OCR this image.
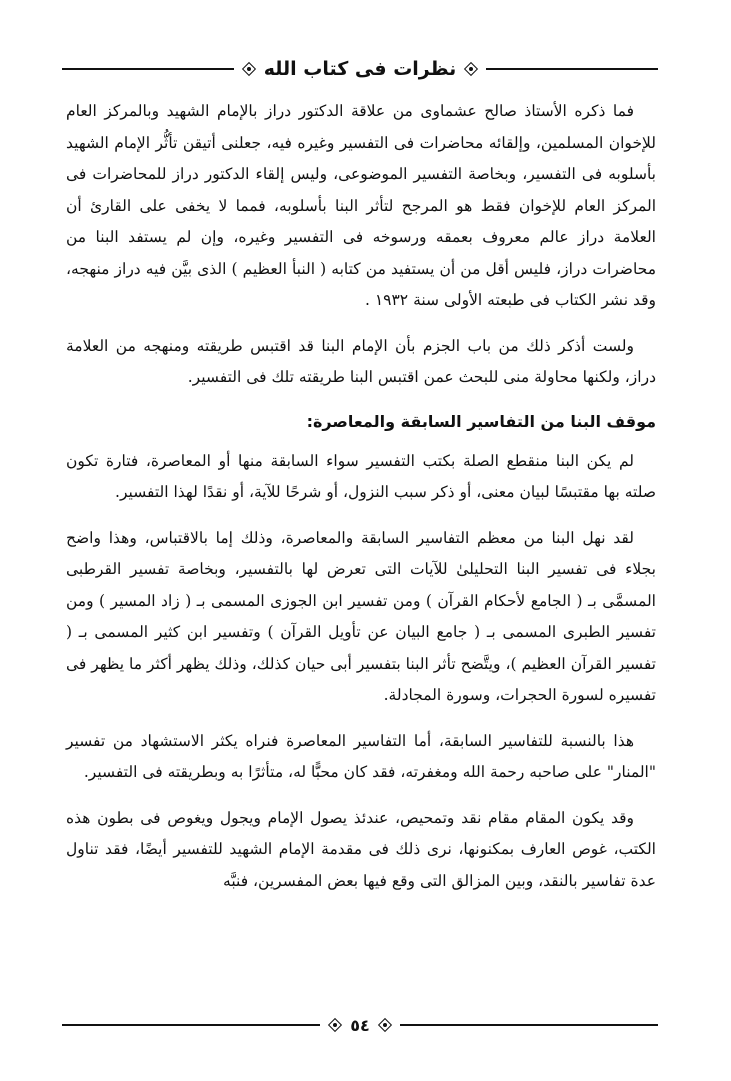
نظرات فى كتاب الله

فما ذكره الأستاذ صالح عشماوى من علاقة الدكتور دراز بالإمام الشهيد وبالمركز العام للإخوان المسلمين، وإلقائه محاضرات فى التفسير وغيره فيه، جعلنى أتيقن تأثُّر الإمام الشهيد بأسلوبه فى التفسير، وبخاصة التفسير الموضوعى، وليس إلقاء الدكتور دراز للمحاضرات فى المركز العام للإخوان فقط هو المرجح لتأثر البنا بأسلوبه، فمما لا يخفى على القارئ أن العلامة دراز عالم معروف بعمقه ورسوخه فى التفسير وغيره، وإن لم يستفد البنا من محاضرات دراز، فليس أقل من أن يستفيد من كتابه ( النبأ العظيم ) الذى بيَّن فيه دراز منهجه، وقد نشر الكتاب فى طبعته الأولى سنة ١٩٣٢ .

ولست أذكر ذلك من باب الجزم بأن الإمام البنا قد اقتبس طريقته ومنهجه من العلامة دراز، ولكنها محاولة منى للبحث عمن اقتبس البنا طريقته تلك فى التفسير.

موقف البنا من التفاسير السابقة والمعاصرة:

لم يكن البنا منقطع الصلة بكتب التفسير سواء السابقة منها أو المعاصرة، فتارة تكون صلته بها مقتبسًا لبيان معنى، أو ذكر سبب النزول، أو شرحًا للآية، أو نقدًا لهذا التفسير.

لقد نهل البنا من معظم التفاسير السابقة والمعاصرة، وذلك إما بالاقتباس، وهذا واضح بجلاء فى تفسير البنا التحليلىٰ للآيات التى تعرض لها بالتفسير، وبخاصة تفسير القرطبى المسمَّى بـ ( الجامع لأحكام القرآن ) ومن تفسير ابن الجوزى المسمى بـ ( زاد المسير ) ومن تفسير الطبرى المسمى بـ ( جامع البيان عن تأويل القرآن ) وتفسير ابن كثير المسمى بـ ( تفسير القرآن العظيم )، ويتَّضح تأثر البنا بتفسير أبى حيان كذلك، وذلك يظهر أكثر ما يظهر فى تفسيره لسورة الحجرات، وسورة المجادلة.

هذا بالنسبة للتفاسير السابقة، أما التفاسير المعاصرة فنراه يكثر الاستشهاد من تفسير "المنار" على صاحبه رحمة الله ومغفرته، فقد كان محبًّا له، متأثرًا به وبطريقته فى التفسير.

وقد يكون المقام مقام نقد وتمحيص، عندئذ يصول الإمام ويجول ويغوص فى بطون هذه الكتب، غوص العارف بمكنونها، نرى ذلك فى مقدمة الإمام الشهيد للتفسير أيضًا، فقد تناول عدة تفاسير بالنقد، وبين المزالق التى وقع فيها بعض المفسرين، فنبَّه

٥٤
